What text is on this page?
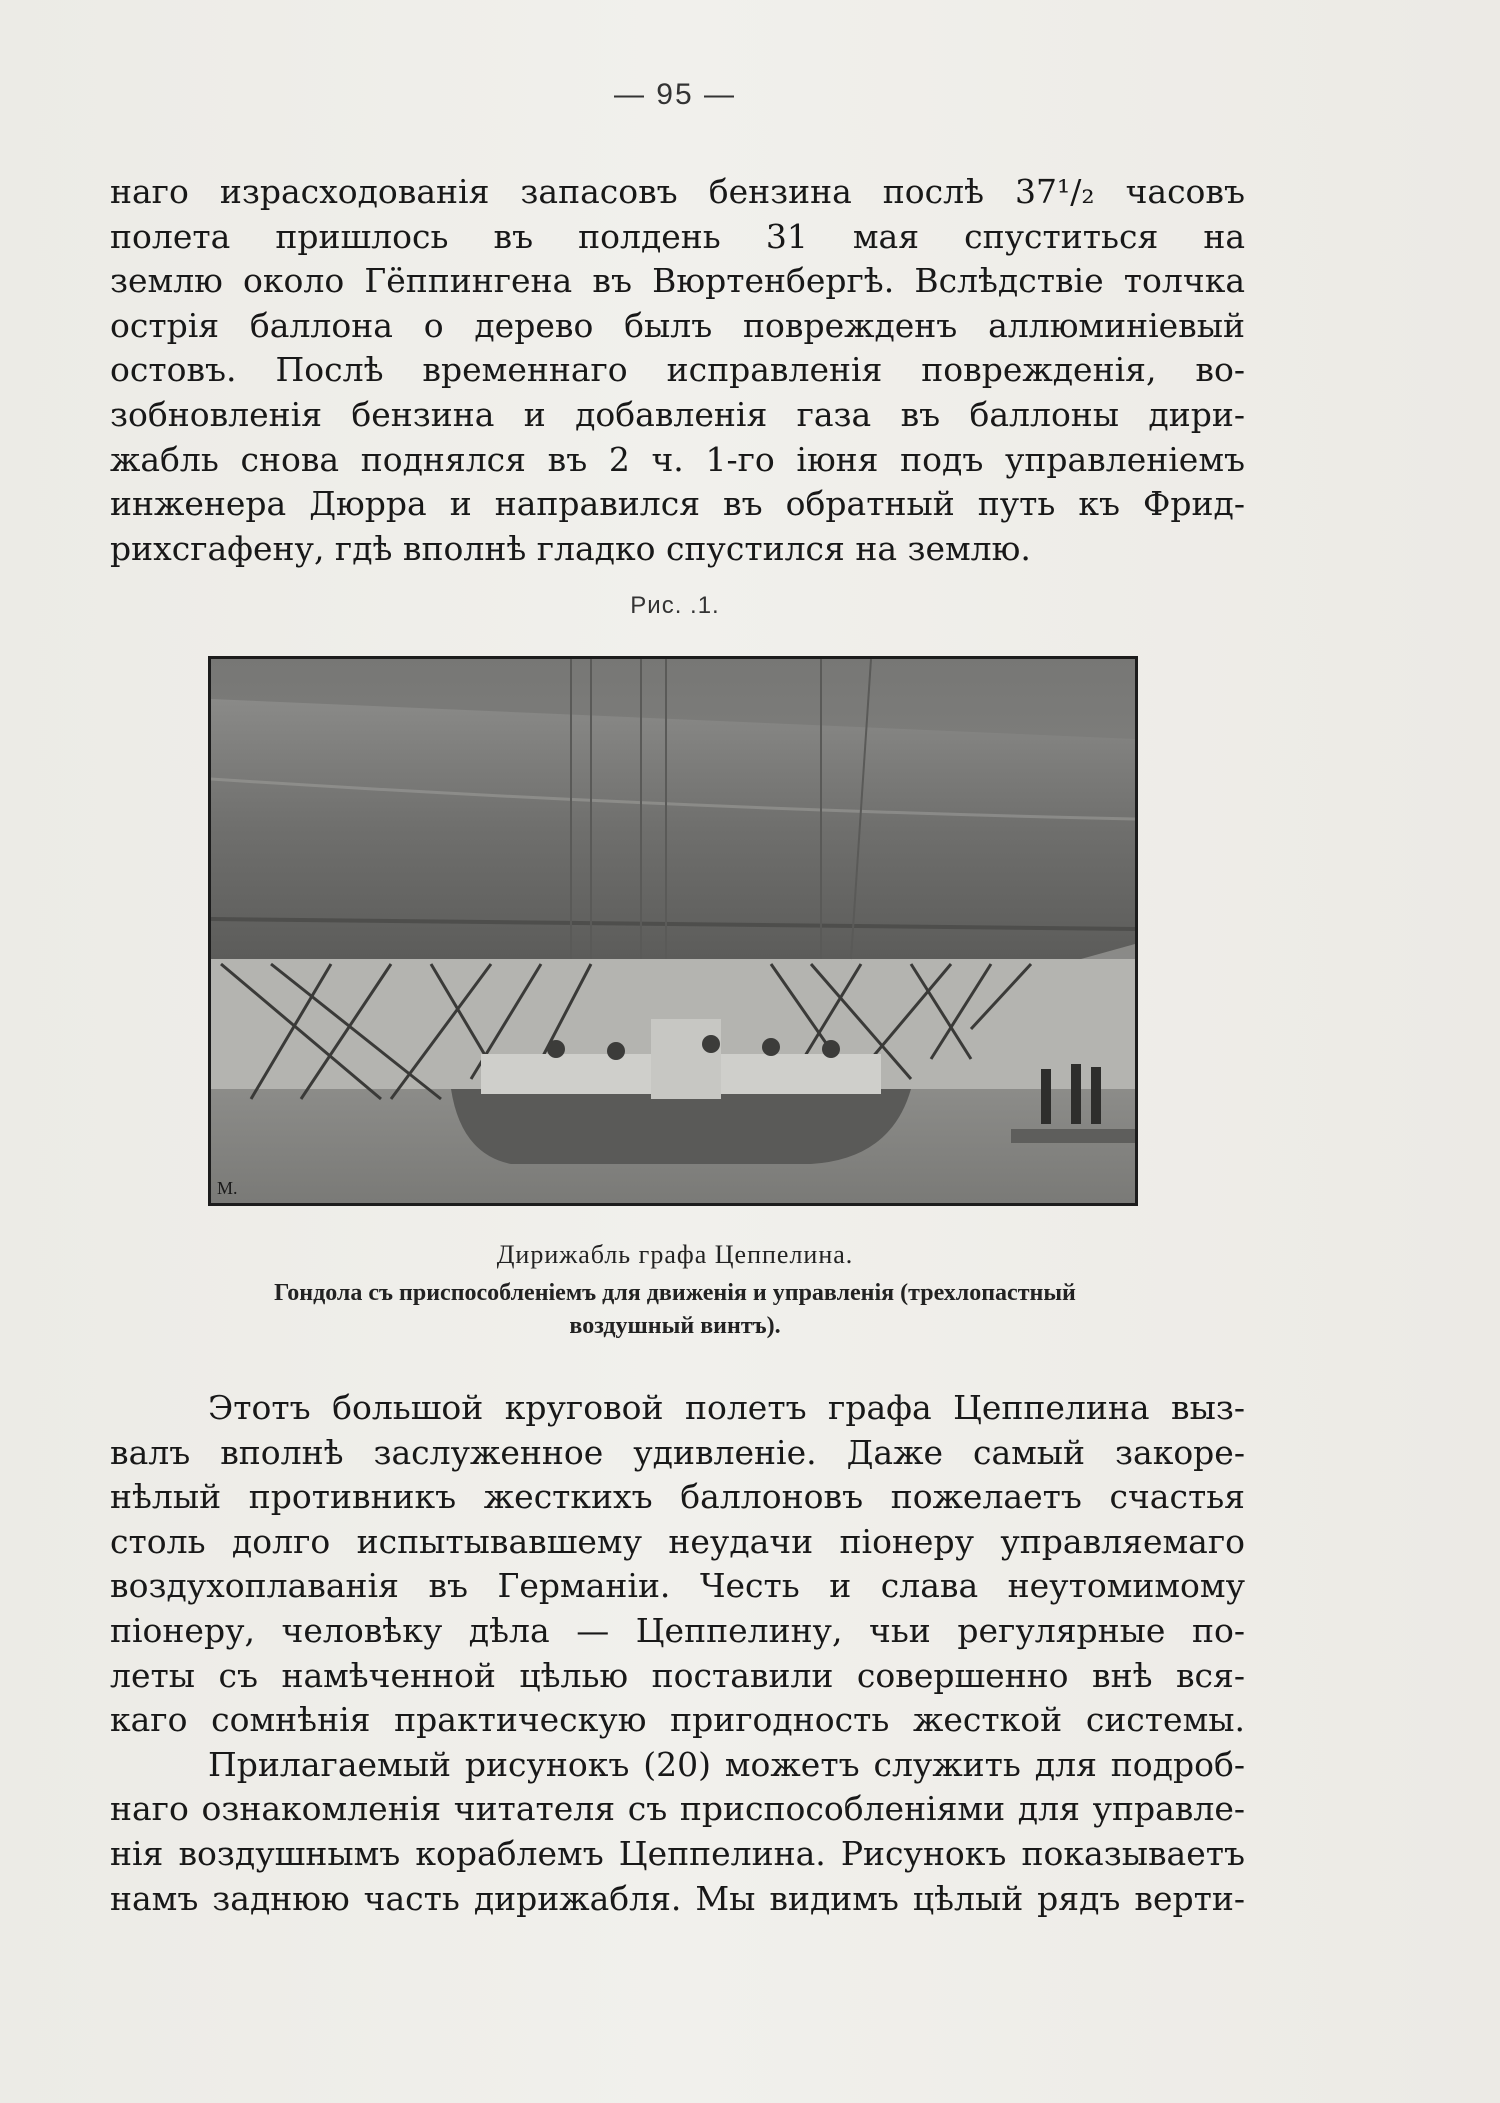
— 95 —

наго израсходованія запасовъ бензина послѣ 37¹/₂ часовъ
полета пришлось въ полдень 31 мая спуститься на
землю около Гёппингена въ Вюртенбергѣ. Вслѣдствіе толчка
острія баллона о дерево былъ поврежденъ аллюминіевый
остовъ. Послѣ временнаго исправленія поврежденія, во-
зобновленія бензина и добавленія газа въ баллоны дири-
жабль снова поднялся въ 2 ч. 1-го іюня подъ управленіемъ
инженера Дюрра и направился въ обратный путь къ Фрид-
рихсгафену, гдѣ вполнѣ гладко спустился на землю.

Рис. .1.
M.
Дирижабль графа Цеппелина.
Гондола съ приспособленіемъ для движенія и управленія (трехлопастный
воздушный винтъ).

Этотъ большой круговой полетъ графа Цеппелина выз-
валъ вполнѣ заслуженное удивленіе. Даже самый закоре-
нѣлый противникъ жесткихъ баллоновъ пожелаетъ счастья
столь долго испытывавшему неудачи піонеру управляемаго
воздухоплаванія въ Германіи. Честь и слава неутомимому
піонеру, человѣку дѣла — Цеппелину, чьи регулярные по-
леты съ намѣченной цѣлью поставили совершенно внѣ вся-
каго сомнѣнія практическую пригодность жесткой системы.

Прилагаемый рисунокъ (20) можетъ служить для подроб-
наго ознакомленія читателя съ приспособленіями для управле-
нія воздушнымъ кораблемъ Цеппелина. Рисунокъ показываетъ
намъ заднюю часть дирижабля. Мы видимъ цѣлый рядъ верти-
